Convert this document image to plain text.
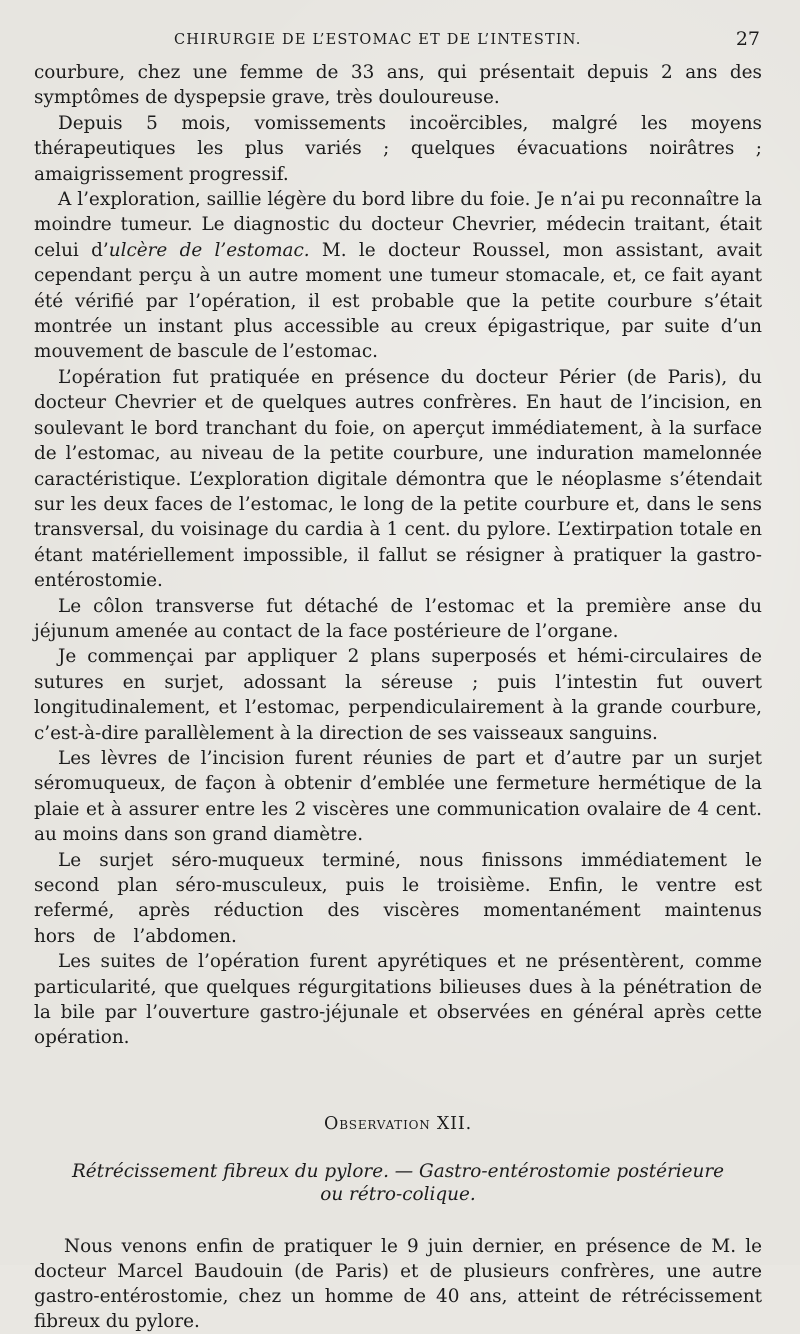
CHIRURGIE DE L’ESTOMAC ET DE L’INTESTIN.	27

courbure, chez une femme de 33 ans, qui présentait depuis 2 ans des symptômes de dyspepsie grave, très douloureuse.

Depuis 5 mois, vomissements incoërcibles, malgré les moyens thérapeutiques les plus variés ; quelques évacuations noirâtres ; amaigrissement progressif.

A l’exploration, saillie légère du bord libre du foie. Je n’ai pu reconnaître la moindre tumeur. Le diagnostic du docteur Chevrier, médecin traitant, était celui d’ulcère de l’estomac. M. le docteur Roussel, mon assistant, avait cependant perçu à un autre moment une tumeur stomacale, et, ce fait ayant été vérifié par l’opération, il est probable que la petite courbure s’était montrée un instant plus accessible au creux épigastrique, par suite d’un mouvement de bascule de l’estomac.

L’opération fut pratiquée en présence du docteur Périer (de Paris), du docteur Chevrier et de quelques autres confrères. En haut de l’incision, en soulevant le bord tranchant du foie, on aperçut immédiatement, à la surface de l’estomac, au niveau de la petite courbure, une induration mamelonnée caractéristique. L’exploration digitale démontra que le néoplasme s’étendait sur les deux faces de l’estomac, le long de la petite courbure et, dans le sens transversal, du voisinage du cardia à 1 cent. du pylore. L’extirpation totale en étant matériellement impossible, il fallut se résigner à pratiquer la gastro-entérostomie.

Le côlon transverse fut détaché de l’estomac et la première anse du jéjunum amenée au contact de la face postérieure de l’organe.

Je commençai par appliquer 2 plans superposés et hémi-circulaires de sutures en surjet, adossant la séreuse ; puis l’intestin fut ouvert longitudinalement, et l’estomac, perpendiculairement à la grande courbure, c’est-à-dire parallèlement à la direction de ses vaisseaux sanguins.

Les lèvres de l’incision furent réunies de part et d’autre par un surjet séromuqueux, de façon à obtenir d’emblée une fermeture hermétique de la plaie et à assurer entre les 2 viscères une communication ovalaire de 4 cent. au moins dans son grand diamètre.

Le surjet séro-muqueux terminé, nous finissons immédiatement le second plan séro-musculeux, puis le troisième. Enfin, le ventre est refermé, après réduction des viscères momentanément maintenus hors de l’abdomen.

Les suites de l’opération furent apyrétiques et ne présentèrent, comme particularité, que quelques régurgitations bilieuses dues à la pénétration de la bile par l’ouverture gastro-jéjunale et observées en général après cette opération.

Observation XII.
Rétrécissement fibreux du pylore. — Gastro-entérostomie postérieure
ou rétro-colique.

Nous venons enfin de pratiquer le 9 juin dernier, en présence de M. le docteur Marcel Baudouin (de Paris) et de plusieurs confrères, une autre gastro-entérostomie, chez un homme de 40 ans, atteint de rétrécissement fibreux du pylore.
